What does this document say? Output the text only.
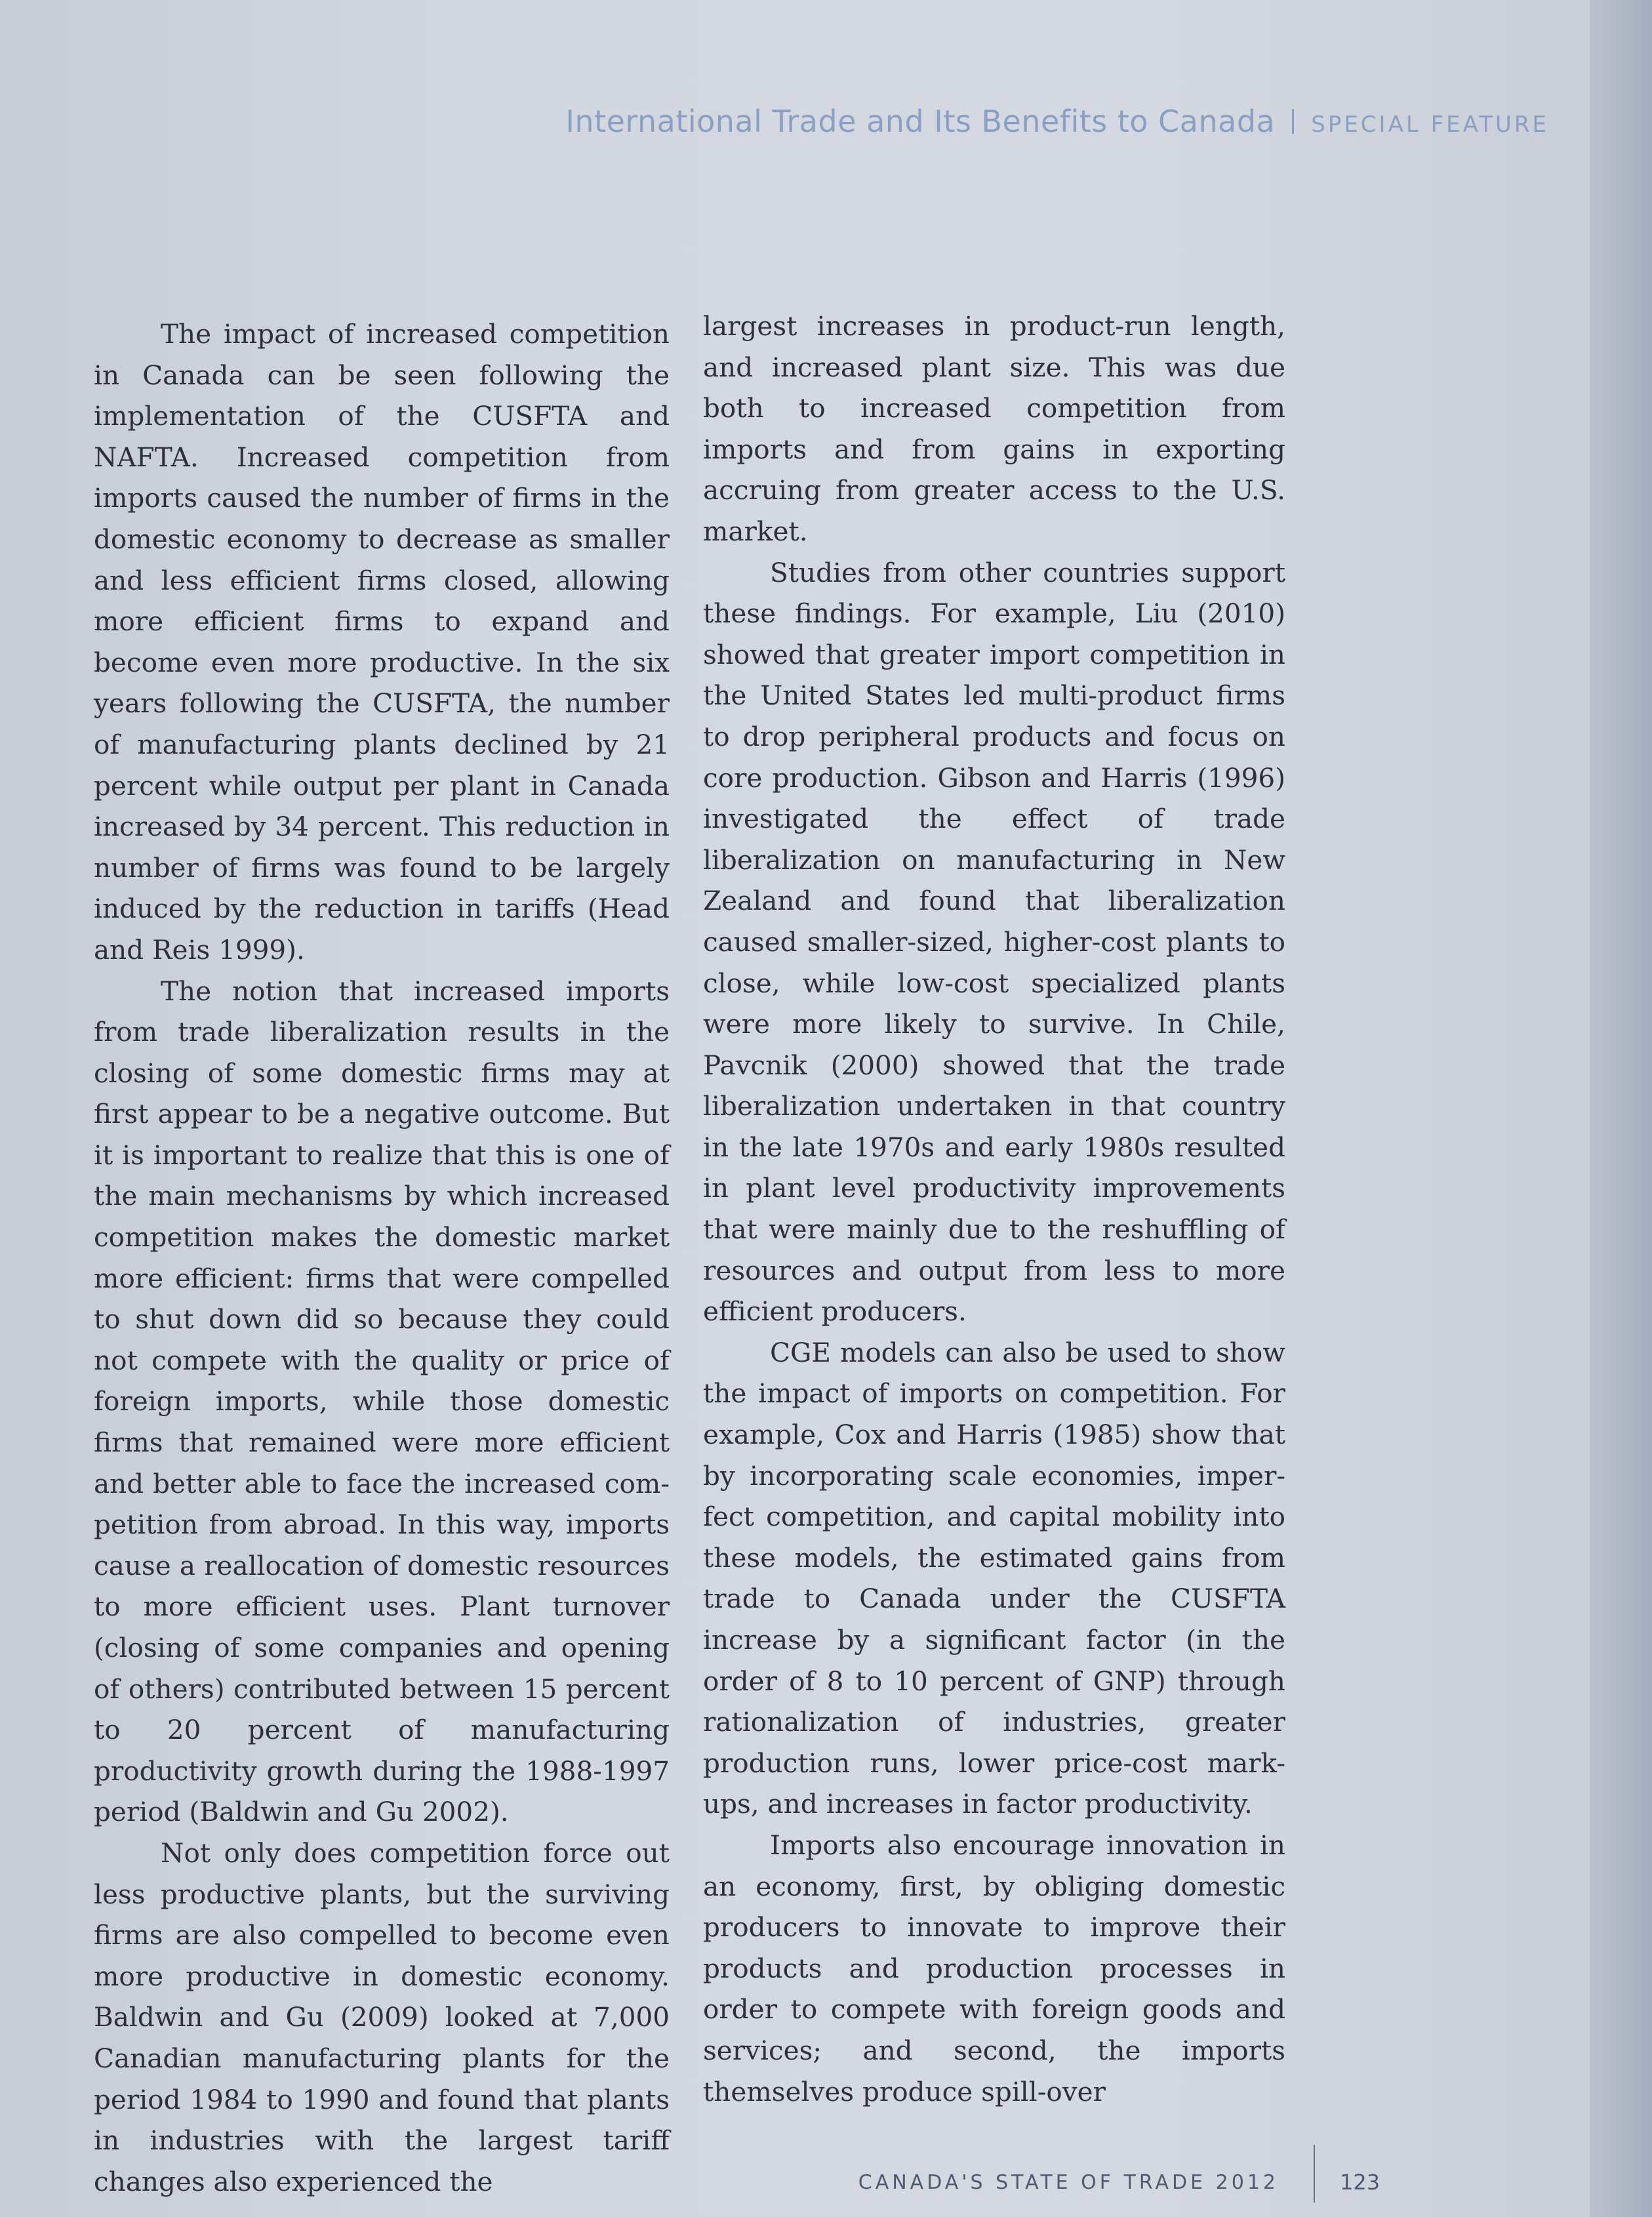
International Trade and Its Benefits to Canada SPECIAL FEATURE

The impact of increased competition in Canada can be seen following the implementation of the CUSFTA and NAFTA. Increased competition from imports caused the number of firms in the domestic economy to decrease as smaller and less efficient firms closed, allowing more efficient firms to expand and become even more productive. In the six years following the CUSFTA, the number of manufacturing plants declined by 21 percent while output per plant in Canada increased by 34 percent. This reduction in number of firms was found to be largely induced by the reduction in tariffs (Head and Reis 1999).

The notion that increased imports from trade liberalization results in the closing of some domestic firms may at first appear to be a negative outcome. But it is important to realize that this is one of the main mechanisms by which increased competition makes the domestic market more efficient: firms that were compelled to shut down did so because they could not compete with the quality or price of foreign imports, while those domestic firms that remained were more efficient and better able to face the increased competition from abroad. In this way, imports cause a reallocation of domestic resources to more efficient uses. Plant turnover (closing of some companies and opening of others) contributed between 15 percent to 20 percent of manufacturing productivity growth during the 1988-1997 period (Baldwin and Gu 2002).

Not only does competition force out less productive plants, but the surviving firms are also compelled to become even more productive in domestic economy. Baldwin and Gu (2009) looked at 7,000 Canadian manufacturing plants for the period 1984 to 1990 and found that plants in industries with the largest tariff changes also experienced the

largest increases in product-run length, and increased plant size. This was due both to increased competition from imports and from gains in exporting accruing from greater access to the U.S. market.

Studies from other countries support these findings. For example, Liu (2010) showed that greater import competition in the United States led multi-product firms to drop peripheral products and focus on core production. Gibson and Harris (1996) investigated the effect of trade liberalization on manufacturing in New Zealand and found that liberalization caused smaller-sized, higher-cost plants to close, while low-cost specialized plants were more likely to survive. In Chile, Pavcnik (2000) showed that the trade liberalization undertaken in that country in the late 1970s and early 1980s resulted in plant level productivity improvements that were mainly due to the reshuffling of resources and output from less to more efficient producers.

CGE models can also be used to show the impact of imports on competition. For example, Cox and Harris (1985) show that by incorporating scale economies, imperfect competition, and capital mobility into these models, the estimated gains from trade to Canada under the CUSFTA increase by a significant factor (in the order of 8 to 10 percent of GNP) through rationalization of industries, greater production runs, lower price-cost mark-ups, and increases in factor productivity.

Imports also encourage innovation in an economy, first, by obliging domestic producers to innovate to improve their products and production processes in order to compete with foreign goods and services; and second, the imports themselves produce spill-over

CANADA'S STATE OF TRADE 2012	123
